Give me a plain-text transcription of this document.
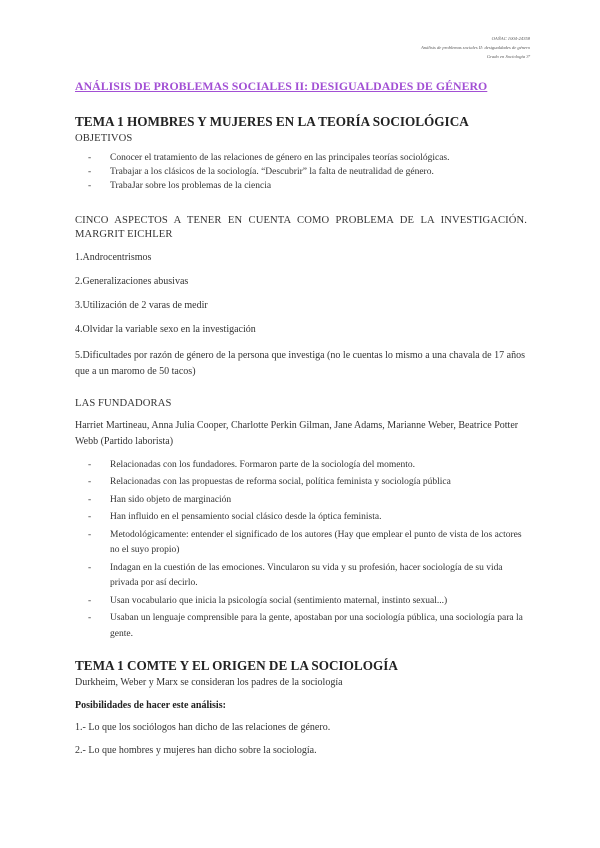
OAÑAC 1004-24358
Análisis de problemas sociales II: desigualdades de género
Grado en Sociología 3º
ANÁLISIS DE PROBLEMAS SOCIALES II: DESIGUALDADES DE GÉNERO
TEMA 1 HOMBRES Y MUJERES EN LA TEORÍA SOCIOLÓGICA
OBJETIVOS
- Conocer el tratamiento de las relaciones de género en las principales teorías sociológicas.
- Trabajar a los clásicos de la sociología. “Descubrir” la falta de neutralidad de género.
- TrabaJar sobre los problemas de la ciencia
CINCO ASPECTOS A TENER EN CUENTA COMO PROBLEMA DE LA INVESTIGACIÓN. MARGRIT EICHLER
1.Androcentrismos
2.Generalizaciones abusivas
3.Utilización de 2 varas de medir
4.Olvidar la variable sexo en la investigación
5.Dificultades por razón de género de la persona que investiga (no le cuentas lo mismo a una chavala de 17 años que a un maromo de 50 tacos)
LAS FUNDADORAS
Harriet Martineau, Anna Julia Cooper, Charlotte Perkin Gilman, Jane Adams, Marianne Weber, Beatrice Potter Webb (Partido laborista)
- Relacionadas con los fundadores. Formaron parte de la sociología del momento.
- Relacionadas con las propuestas de reforma social, política feminista y sociología pública
- Han sido objeto de marginación
- Han influido en el pensamiento social clásico desde la óptica feminista.
- Metodológicamente: entender el significado de los autores (Hay que emplear el punto de vista de los actores no el suyo propio)
- Indagan en la cuestión de las emociones. Vincularon su vida y su profesión, hacer sociología de su vida privada por así decirlo.
- Usan vocabulario que inicia la psicología social (sentimiento maternal, instinto sexual...)
- Usaban un lenguaje comprensible para la gente, apostaban por una sociología pública, una sociología para la gente.
TEMA 1 COMTE Y EL ORIGEN DE LA SOCIOLOGÍA
Durkheim, Weber y Marx se consideran los padres de la sociología
Posibilidades de hacer este análisis:
1.- Lo que los sociólogos han dicho de las relaciones de género.
2.- Lo que hombres y mujeres han dicho sobre la sociología.
